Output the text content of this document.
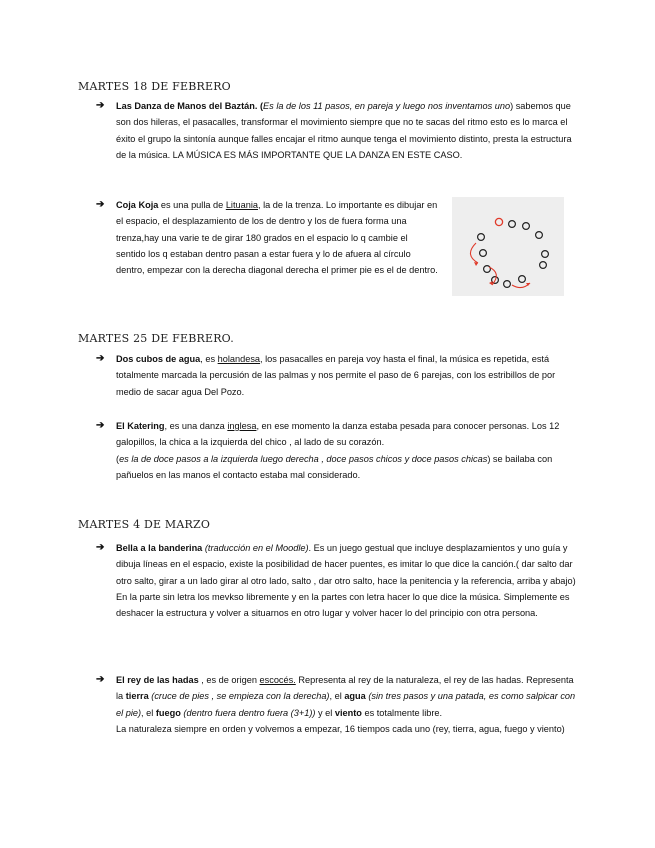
MARTES 18 DE FEBRERO
➔ Las Danza de Manos del Baztán. (Es la de los 11 pasos, en pareja y luego nos inventamos uno) sabemos que son dos hileras, el pasacalles, transformar el movimiento siempre que no te sacas del ritmo esto es lo marca el éxito el grupo la sintonía aunque falles encajar el ritmo aunque tenga el movimiento distinto, presta la estructura de la música. LA MÚSICA ES MÁS IMPORTANTE QUE LA DANZA EN ESTE CASO.
➔ Coja Koja es una pulla de Lituania, la de la trenza. Lo importante es dibujar en el espacio, el desplazamiento de los de dentro y los de fuera forma una trenza,hay una varie te de girar 180 grados en el espacio lo q cambie el sentido los q estaban dentro pasan a estar fuera y lo de afuera al círculo dentro, empezar con la derecha diagonal derecha el primer pie es el de dentro.
MARTES 25 DE FEBRERO.
➔ Dos cubos de agua, es holandesa, los pasacalles en pareja voy hasta el final, la música es repetida, está totalmente marcada la percusión de las palmas y nos permite el paso de 6 parejas, con los estribillos de por medio de sacar agua Del Pozo.
➔ El Katering, es una danza inglesa, en ese momento la danza estaba pesada para conocer personas. Los 12 galopillos, la chica a la izquierda del chico , al lado de su corazón.
(es la de doce pasos a la izquierda luego derecha , doce pasos chicos y doce pasos chicas) se bailaba con pañuelos en las manos el contacto estaba mal considerado.
MARTES 4 DE MARZO
➔ Bella a la banderina (traducción en el Moodle). Es un juego gestual que incluye desplazamientos y uno guía y dibuja líneas en el espacio, existe la posibilidad de hacer puentes, es imitar lo que dice la canción.( dar salto dar otro salto, girar a un lado girar al otro lado, salto , dar otro salto, hace la penitencia y la referencia, arriba y abajo)
En la parte sin letra los mevkso libremente y en la partes con letra hacer lo que dice la música. Simplemente es deshacer la estructura y volver a situarnos en otro lugar y volver hacer lo del principio con otra persona.
➔ El rey de las hadas , es de origen escocés. Representa al rey de la naturaleza, el rey de las hadas. Representa la tierra (cruce de pies , se empieza con la derecha), el agua (sin tres pasos y una patada, es como salpicar con el pie), el fuego (dentro fuera dentro fuera (3+1)) y el viento es totalmente libre.
La naturaleza siempre en orden y volvemos a empezar, 16 tiempos cada uno (rey, tierra, agua, fuego y viento)
